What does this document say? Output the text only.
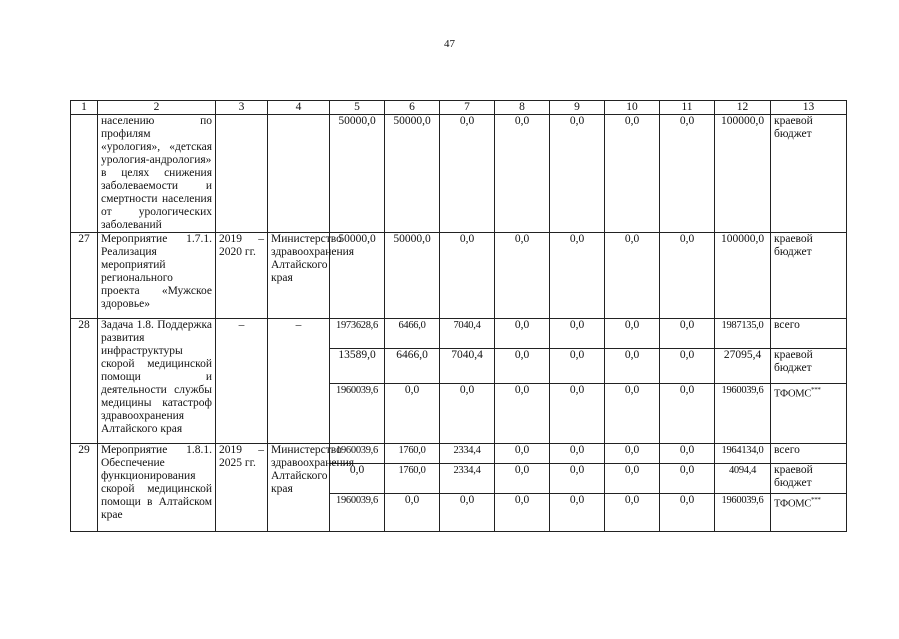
47
1	2	3	4	5	6	7	8	9	10	11	12	13
	населению по профилям «урология», «детская урология-андрология» в целях снижения заболеваемости и смертности населения от урологических заболеваний			50000,0	50000,0	0,0	0,0	0,0	0,0	0,0	100000,0	краевой бюджет
27	Мероприятие 1.7.1. Реализация мероприятий регионального проекта «Мужское здоровье»	2019 – 2020 гг.	Министерство здравоохранения Алтайского края	50000,0	50000,0	0,0	0,0	0,0	0,0	0,0	100000,0	краевой бюджет
28	Задача 1.8. Поддержка развития инфраструктуры скорой медицинской помощи и деятельности службы медицины катастроф здравоохранения Алтайского края	–	–	1973628,6	6466,0	7040,4	0,0	0,0	0,0	0,0	1987135,0	всего
				13589,0	6466,0	7040,4	0,0	0,0	0,0	0,0	27095,4	краевой бюджет
				1960039,6	0,0	0,0	0,0	0,0	0,0	0,0	1960039,6	ТФОМС***
29	Мероприятие 1.8.1. Обеспечение функционирования скорой медицинской помощи в Алтайском крае	2019 – 2025 гг.	Министерство здравоохранения Алтайского края	1960039,6	1760,0	2334,4	0,0	0,0	0,0	0,0	1964134,0	всего
				0,0	1760,0	2334,4	0,0	0,0	0,0	0,0	4094,4	краевой бюджет
				1960039,6	0,0	0,0	0,0	0,0	0,0	0,0	1960039,6	ТФОМС***
